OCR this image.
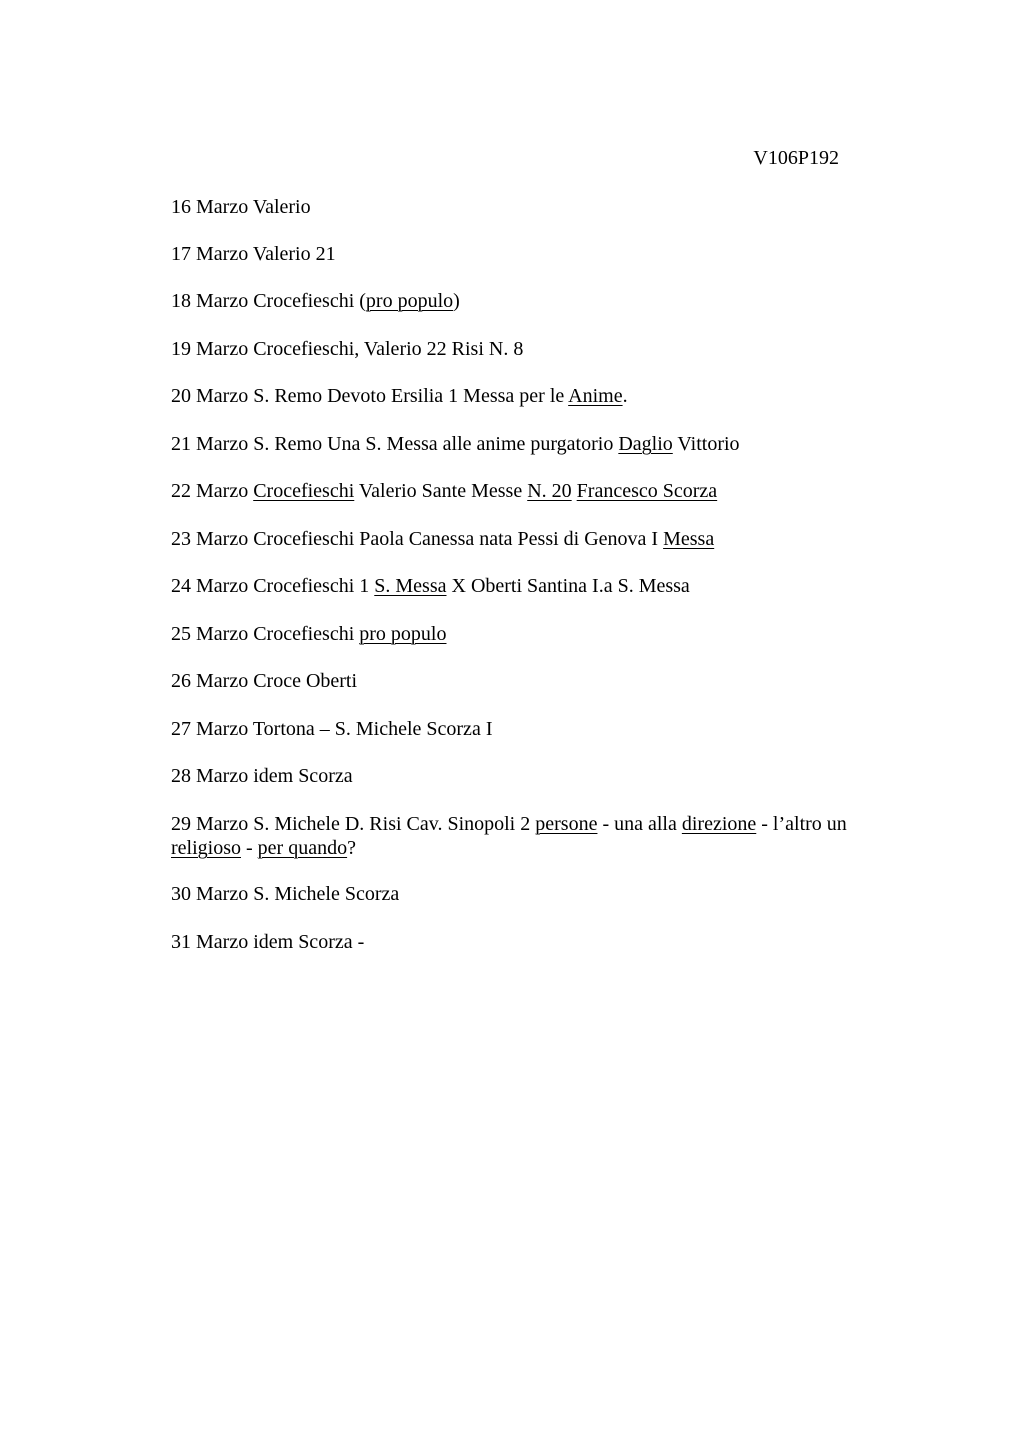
V106P192
16 Marzo Valerio
17 Marzo Valerio 21
18 Marzo Crocefieschi (pro populo)
19 Marzo Crocefieschi, Valerio 22 Risi N. 8
20 Marzo S. Remo Devoto Ersilia 1 Messa per le Anime.
21 Marzo S. Remo Una S. Messa alle anime purgatorio Daglio Vittorio
22 Marzo Crocefieschi Valerio Sante Messe N. 20 Francesco Scorza
23 Marzo Crocefieschi Paola Canessa nata Pessi di Genova I Messa
24 Marzo Crocefieschi 1 S. Messa X Oberti Santina I.a S. Messa
25 Marzo Crocefieschi pro populo
26 Marzo Croce Oberti
27 Marzo Tortona – S. Michele Scorza I
28 Marzo idem Scorza
29 Marzo S. Michele D. Risi Cav. Sinopoli 2 persone - una alla direzione - l’altro un religioso - per quando?
30 Marzo S. Michele Scorza
31 Marzo idem Scorza -
